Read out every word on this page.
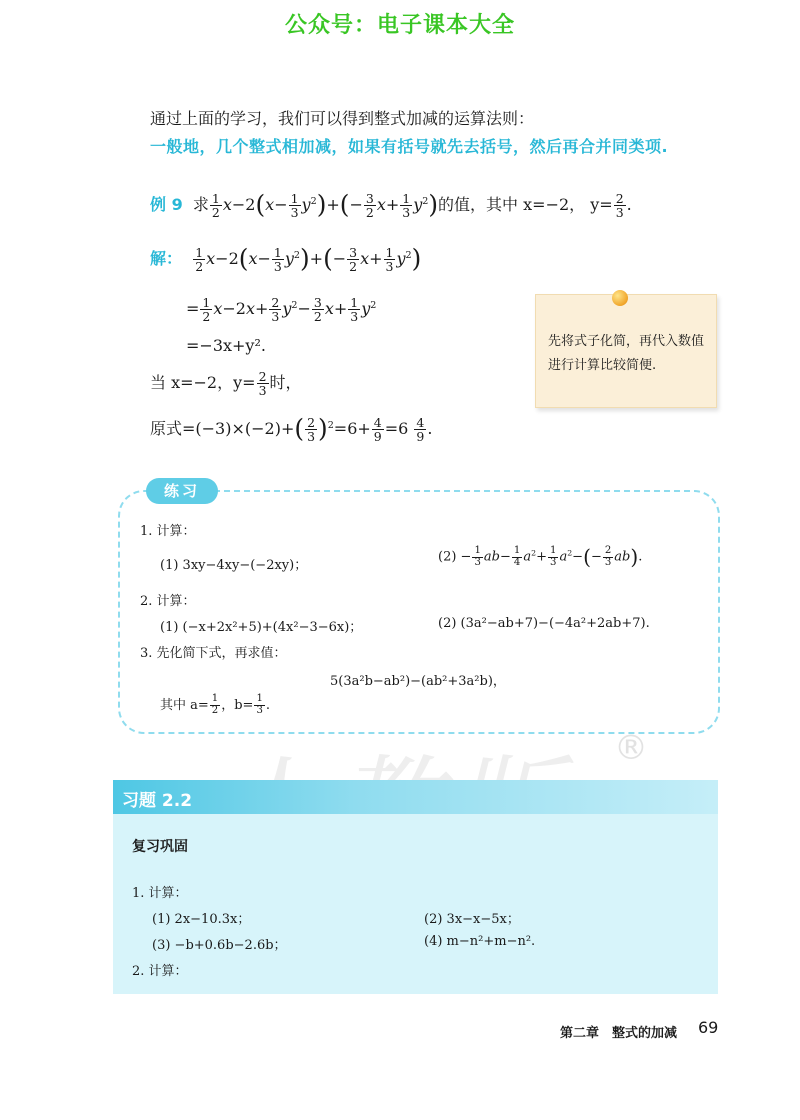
公众号：电子课本大全
通过上面的学习，我们可以得到整式加减的运算法则：
一般地，几个整式相加减，如果有括号就先去括号，然后再合并同类项.
例 9 求 $\frac{1}{2} x-2(x- \frac{1}{3} y^2)+(- \frac{3}{2} x+ \frac{1}{3} y^2)$的值，其中 x=−2， $y= \frac{2}{3}$ .
解： $\frac{1}{2} x-2(x- \frac{1}{3} y^2)+(- \frac{3}{2} x+ \frac{1}{3} y^2)$
= $\frac{1}{2} x-2x+ \frac{2}{3} y^2- \frac{3}{2} x+ \frac{1}{3} y^2$
=−3x+y².
当 x=−2，$y= \frac{2}{3}$ 时，
原式$=(-3)\times(-2)+( \frac{2}{3} )^2=6+ \frac{4}{9} =6 \frac{4}{9}$ .
先将式子化简，再代入数值进行计算比较简便.
练习
1. 计算：
(1) 3xy−4xy−(−2xy)；
$(2) - \frac{1}{3} ab- \frac{1}{4} a^2+ \frac{1}{3} a^2-(- \frac{2}{3} ab)$.
2. 计算：
(1) (−x+2x²+5)+(4x²−3−6x)；	(2) (3a²−ab+7)−(−4a²+2ab+7).
3. 先化简下式，再求值：
5(3a²b−ab²)−(ab²+3a²b)，
其中 $a= \frac{1}{2}$ ，$b= \frac{1}{3}$ .
®
习题 2.2
复习巩固
1. 计算：
(1) 2x−10.3x；	(2) 3x−x−5x；
(3) −b+0.6b−2.6b；	(4) m−n²+m−n².
2. 计算：
第二章　整式的加减 69
